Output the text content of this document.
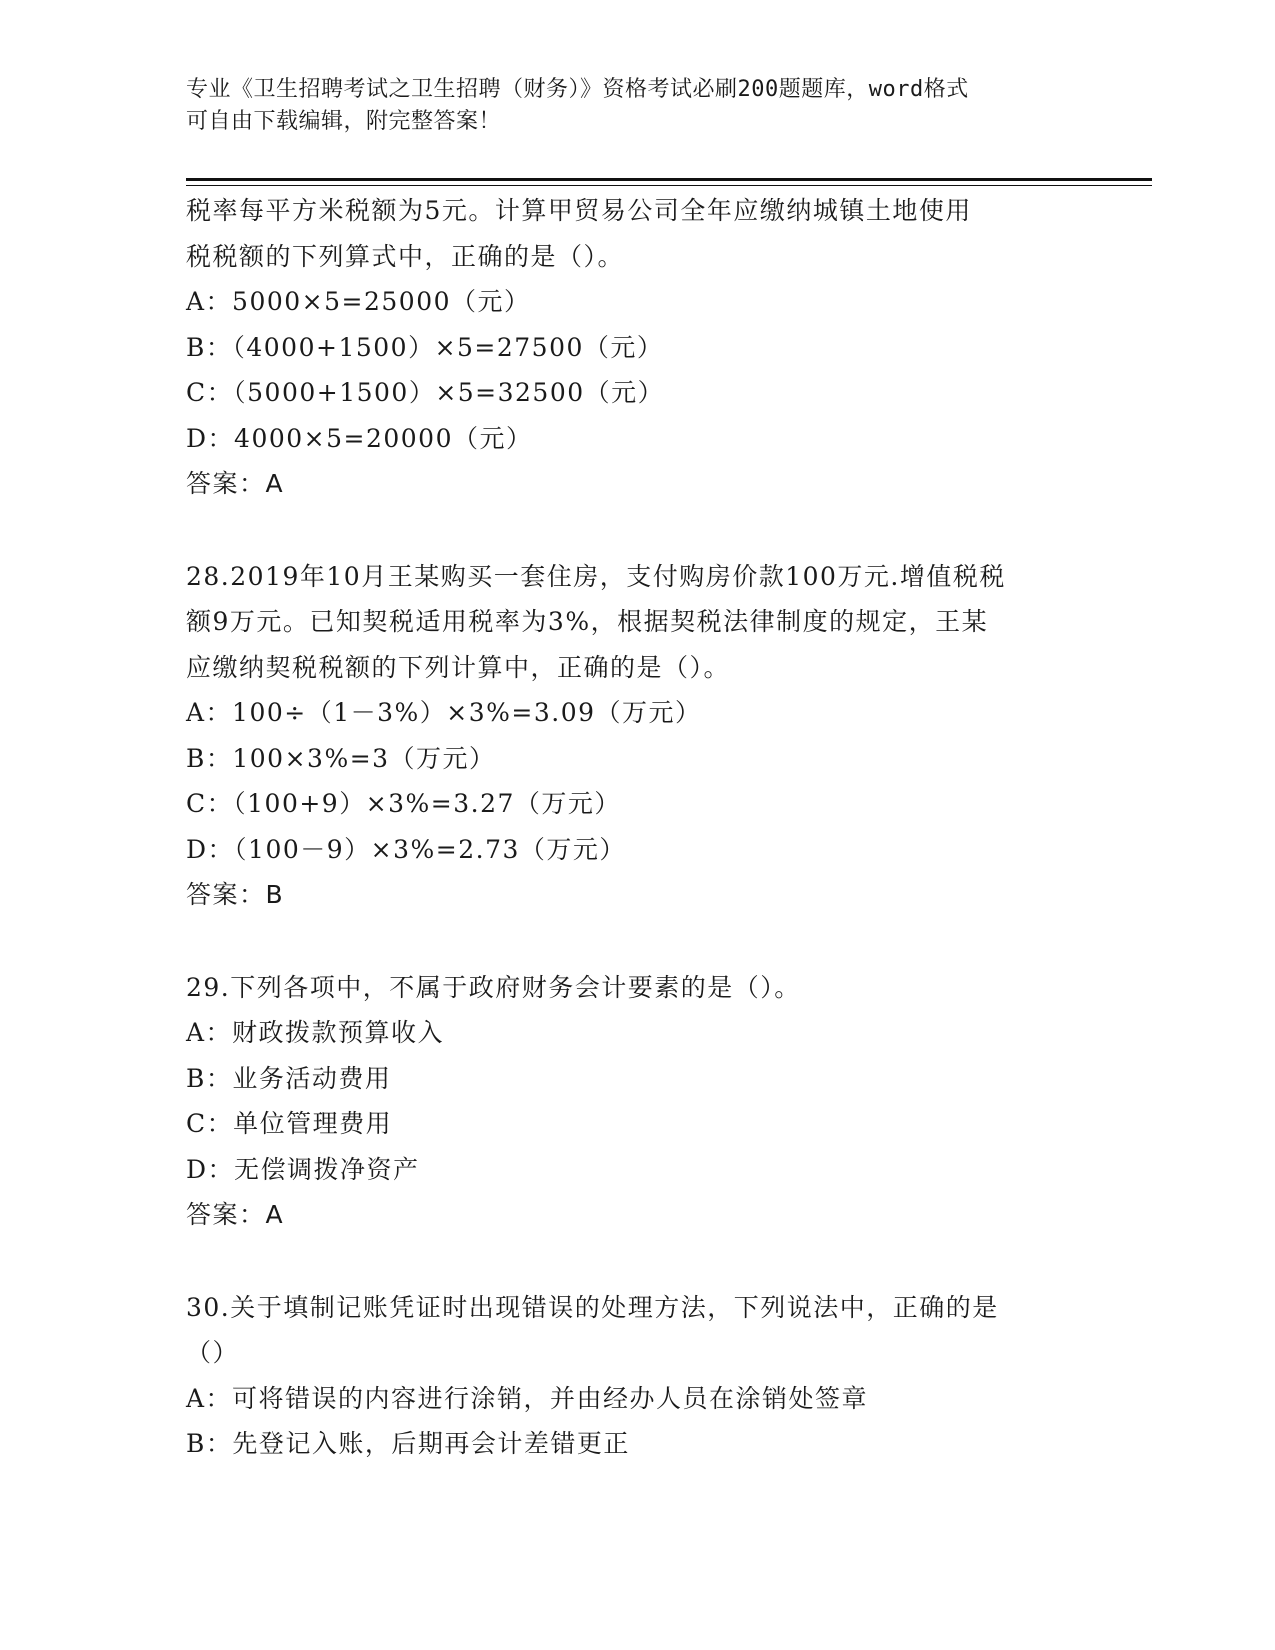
专业《卫生招聘考试之卫生招聘（财务）》资格考试必刷200题题库，word格式
可自由下载编辑，附完整答案！
税率每平方米税额为5元。计算甲贸易公司全年应缴纳城镇土地使用
税税额的下列算式中，正确的是（）。
A：5000×5=25000（元）
B：（4000+1500）×5=27500（元）
C：（5000+1500）×5=32500（元）
D：4000×5=20000（元）
答案：A
28.2019年10月王某购买一套住房，支付购房价款100万元.增值税税
额9万元。已知契税适用税率为3%，根据契税法律制度的规定，王某
应缴纳契税税额的下列计算中，正确的是（）。
A：100÷（1－3%）×3%=3.09（万元）
B：100×3%=3（万元）
C：（100+9）×3%=3.27（万元）
D：（100－9）×3%=2.73（万元）
答案：B
29.下列各项中，不属于政府财务会计要素的是（）。
A：财政拨款预算收入
B：业务活动费用
C：单位管理费用
D：无偿调拨净资产
答案：A
30.关于填制记账凭证时出现错误的处理方法，下列说法中，正确的是
（）
A：可将错误的内容进行涂销，并由经办人员在涂销处签章
B：先登记入账，后期再会计差错更正
